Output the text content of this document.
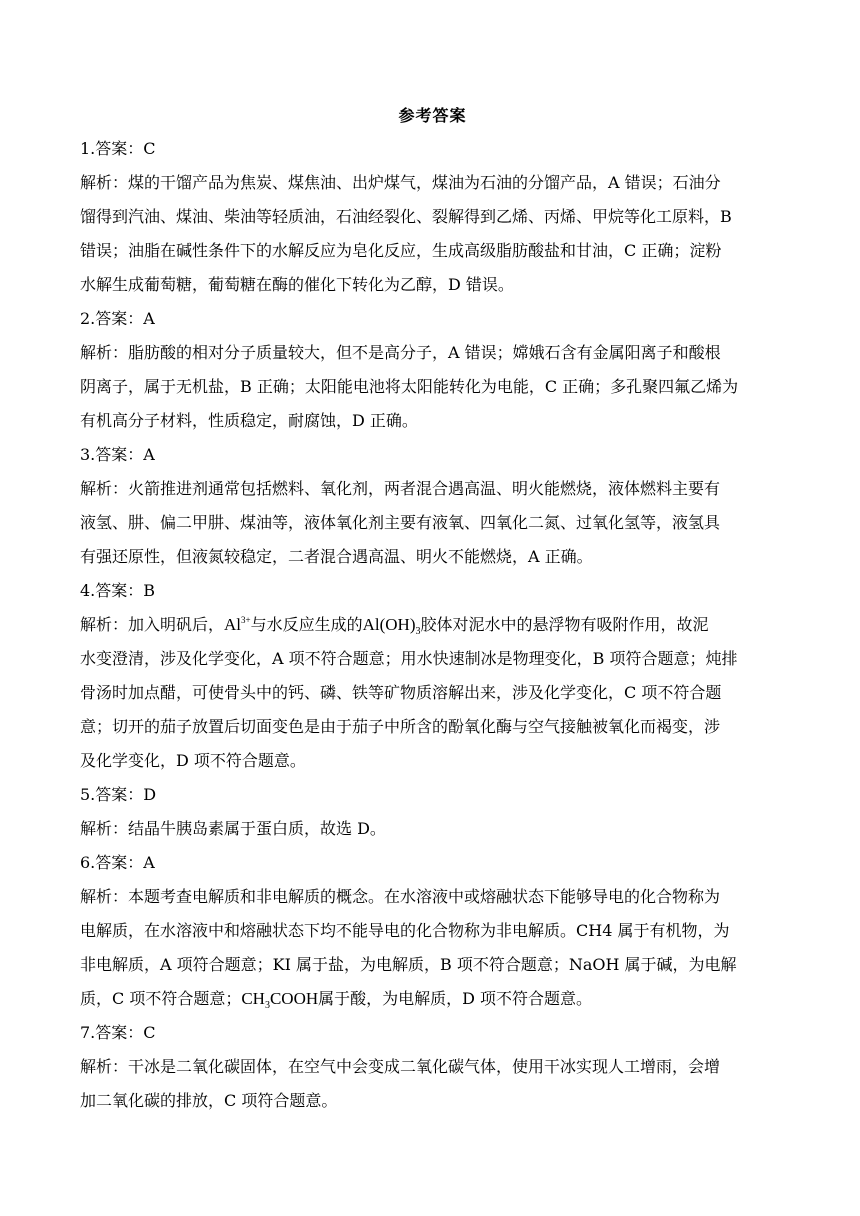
参考答案
1.答案：C
解析：煤的干馏产品为焦炭、煤焦油、出炉煤气，煤油为石油的分馏产品，A 错误；石油分
馏得到汽油、煤油、柴油等轻质油，石油经裂化、裂解得到乙烯、丙烯、甲烷等化工原料，B
错误；油脂在碱性条件下的水解反应为皂化反应，生成高级脂肪酸盐和甘油，C 正确；淀粉
水解生成葡萄糖，葡萄糖在酶的催化下转化为乙醇，D 错误。
2.答案：A
解析：脂肪酸的相对分子质量较大，但不是高分子，A 错误；嫦娥石含有金属阳离子和酸根
阴离子，属于无机盐，B 正确；太阳能电池将太阳能转化为电能，C 正确；多孔聚四氟乙烯为
有机高分子材料，性质稳定，耐腐蚀，D 正确。
3.答案：A
解析：火箭推进剂通常包括燃料、氧化剂，两者混合遇高温、明火能燃烧，液体燃料主要有
液氢、肼、偏二甲肼、煤油等，液体氧化剂主要有液氧、四氧化二氮、过氧化氢等，液氢具
有强还原性，但液氮较稳定，二者混合遇高温、明火不能燃烧，A 正确。
4.答案：B
解析：加入明矾后，$Al^{3+}$与水反应生成的$Al(OH)_3$胶体对泥水中的悬浮物有吸附作用，故泥
水变澄清，涉及化学变化，A 项不符合题意；用水快速制冰是物理变化，B 项符合题意；炖排
骨汤时加点醋，可使骨头中的钙、磷、铁等矿物质溶解出来，涉及化学变化，C 项不符合题
意；切开的茄子放置后切面变色是由于茄子中所含的酚氧化酶与空气接触被氧化而褐变，涉
及化学变化，D 项不符合题意。
5.答案：D
解析：结晶牛胰岛素属于蛋白质，故选 D。
6.答案：A
解析：本题考查电解质和非电解质的概念。在水溶液中或熔融状态下能够导电的化合物称为
电解质，在水溶液中和熔融状态下均不能导电的化合物称为非电解质。CH4 属于有机物，为
非电解质，A 项符合题意；KI 属于盐，为电解质，B 项不符合题意；NaOH 属于碱，为电解
质，C 项不符合题意；$CH_3COOH$属于酸，为电解质，D 项不符合题意。
7.答案：C
解析：干冰是二氧化碳固体，在空气中会变成二氧化碳气体，使用干冰实现人工增雨，会增
加二氧化碳的排放，C 项符合题意。
